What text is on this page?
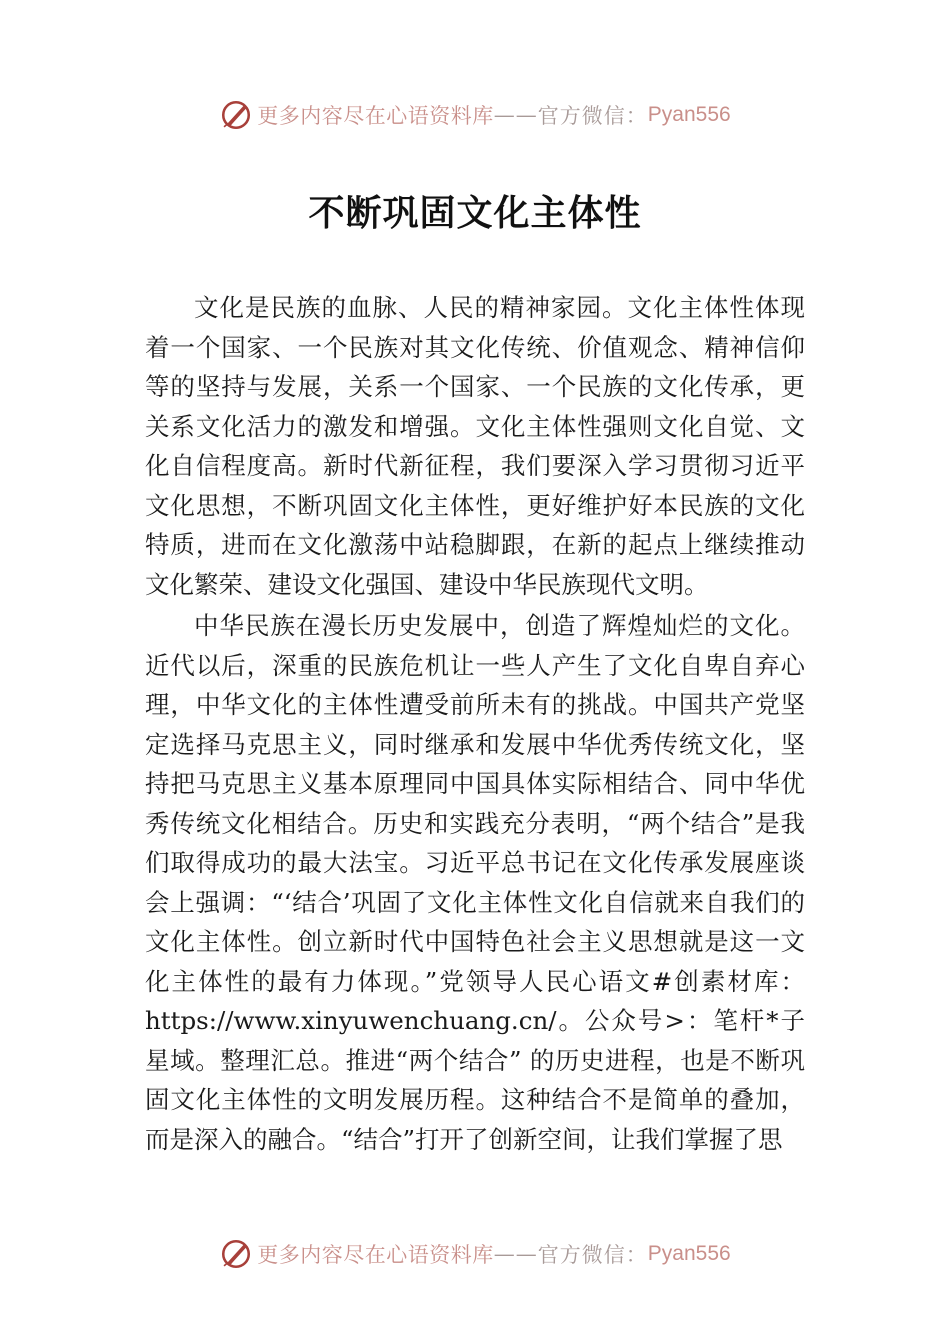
更多内容尽在心语资料库 —— 官方微信： Pyan556
不断巩固文化主体性

文化是民族的血脉、人民的精神家园。文化主体性体现着一个国家、一个民族对其文化传统、价值观念、精神信仰等的坚持与发展，关系一个国家、一个民族的文化传承，更关系文化活力的激发和增强。文化主体性强则文化自觉、文化自信程度高。新时代新征程，我们要深入学习贯彻习近平文化思想，不断巩固文化主体性，更好维护好本民族的文化特质，进而在文化激荡中站稳脚跟，在新的起点上继续推动文化繁荣、建设文化强国、建设中华民族现代文明。

中华民族在漫长历史发展中，创造了辉煌灿烂的文化。近代以后，深重的民族危机让一些人产生了文化自卑自弃心理，中华文化的主体性遭受前所未有的挑战。中国共产党坚定选择马克思主义，同时继承和发展中华优秀传统文化，坚持把马克思主义基本原理同中国具体实际相结合、同中华优秀传统文化相结合。历史和实践充分表明，“两个结合”是我们取得成功的最大法宝。习近平总书记在文化传承发展座谈会上强调：“‘结合’巩固了文化主体性文化自信就来自我们的文化主体性。创立新时代中国特色社会主义思想就是这一文化主体性的最有力体现。”党领导人民心语文#创素材库：https://www.xinyuwenchuang.cn/。公众号>：笔杆*子星域。整理汇总。推进“两个结合” 的历史进程，也是不断巩固文化主体性的文明发展历程。这种结合不是简单的叠加，而是深入的融合。“结合”打开了创新空间，让我们掌握了思

更多内容尽在心语资料库 —— 官方微信： Pyan556
